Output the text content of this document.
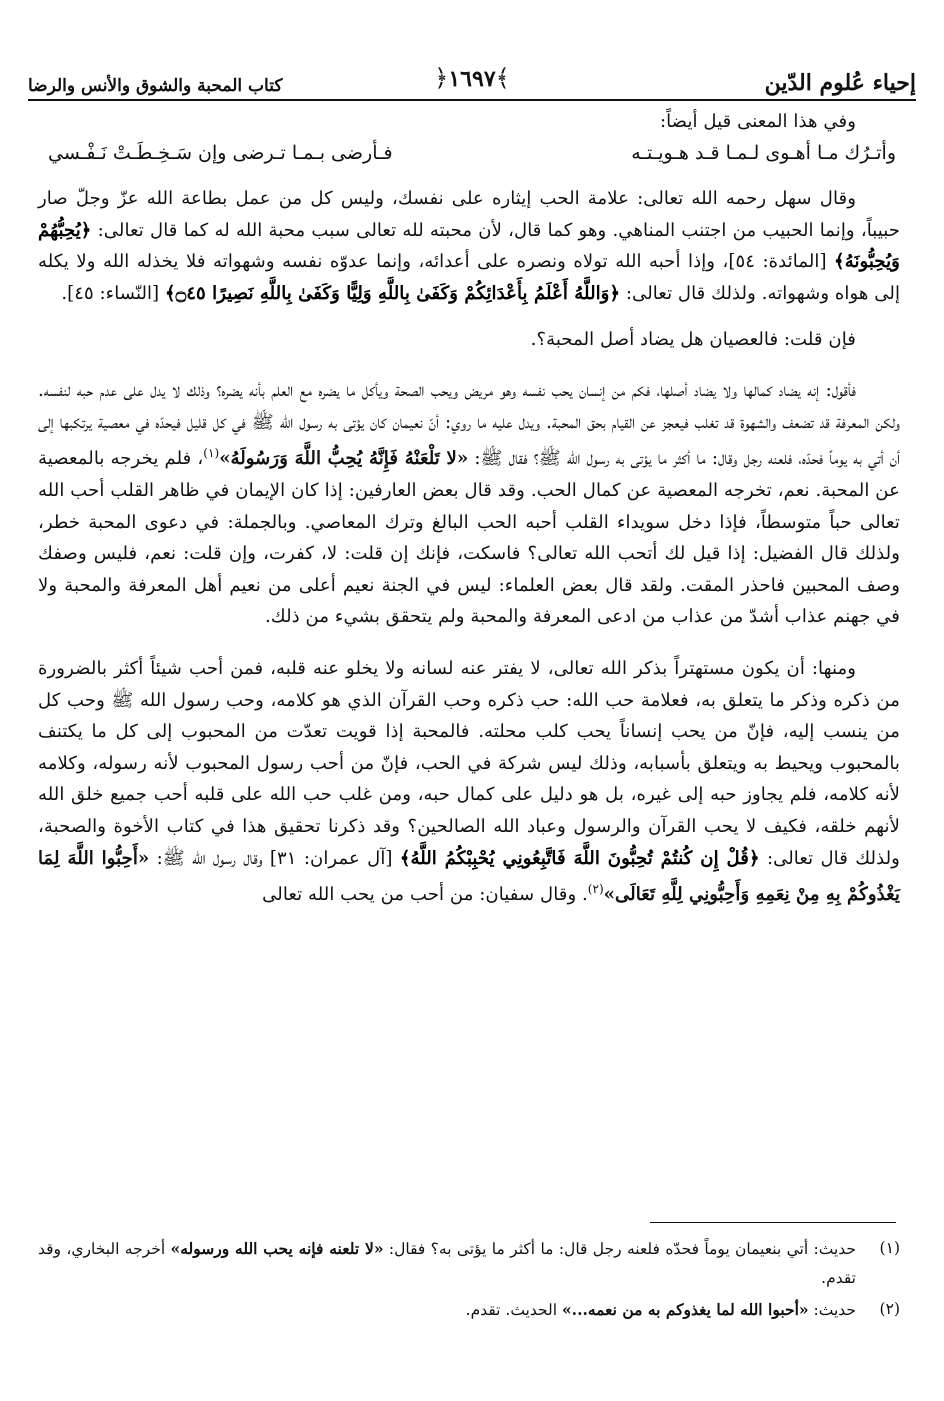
إحياء عُلوم الدّين
﴾١٦٩٧﴿
كتاب المحبة والشوق والأنس والرضا

وفي هذا المعنى قيل أيضاً:

وأتـرُك مـا أهـوى لـمـا قـد هـويـتـه
فـأرضى بـمـا تـرضى وإن سَـخِـطَـتْ نَـفْـسي

وقال سهل رحمه الله تعالى: علامة الحب إيثاره على نفسك، وليس كل من عمل بطاعة الله عزّ وجلّ صار حبيباً، وإنما الحبيب من اجتنب المناهي. وهو كما قال، لأن محبته لله تعالى سبب محبة الله له كما قال تعالى: ﴿يُحِبُّهُمْ وَيُحِبُّونَهُ﴾ [المائدة: ٥٤]، وإذا أحبه الله تولاه ونصره على أعدائه، وإنما عدوّه نفسه وشهواته فلا يخذله الله ولا يكله إلى هواه وشهواته. ولذلك قال تعالى: ﴿وَاللَّهُ أَعْلَمُ بِأَعْدَائِكُمْ وَكَفَىٰ بِاللَّهِ وَلِيًّا وَكَفَىٰ بِاللَّهِ نَصِيرًا ۝٤٥﴾ [النّساء: ٤٥].

فإن قلت: فالعصيان هل يضاد أصل المحبة؟.

فأقول: إنه يضاد كمالها ولا يضاد أصلها، فكم من إنسان يحب نفسه وهو مريض ويحب الصحة ويأكل ما يضره مع العلم بأنه يضره؟ وذلك لا يدل على عدم حبه لنفسه. ولكن المعرفة قد تضعف والشهوة قد تغلب فيعجز عن القيام بحق المحبة. ويدل عليه ما روي: أنّ نعيمان كان يؤتى به رسول الله ﷺ في كل قليل فيحدّه في معصية يرتكبها إلى أن أتي به يوماً فحدّه، فلعنه رجل وقال: ما أكثر ما يؤتى به رسول الله ﷺ؟ فقال ﷺ: «لا تَلْعَنْهُ فَإِنَّهُ يُحِبُّ اللَّهَ وَرَسُولَهُ»$^{(١)}$، فلم يخرجه بالمعصية عن المحبة. نعم، تخرجه المعصية عن كمال الحب. وقد قال بعض العارفين: إذا كان الإيمان في ظاهر القلب أحب الله تعالى حباً متوسطاً، فإذا دخل سويداء القلب أحبه الحب البالغ وترك المعاصي. وبالجملة: في دعوى المحبة خطر، ولذلك قال الفضيل: إذا قيل لك أتحب الله تعالى؟ فاسكت، فإنك إن قلت: لا، كفرت، وإن قلت: نعم، فليس وصفك وصف المحبين فاحذر المقت. ولقد قال بعض العلماء: ليس في الجنة نعيم أعلى من نعيم أهل المعرفة والمحبة ولا في جهنم عذاب أشدّ من عذاب من ادعى المعرفة والمحبة ولم يتحقق بشيء من ذلك.

ومنها: أن يكون مستهتراً بذكر الله تعالى، لا يفتر عنه لسانه ولا يخلو عنه قلبه، فمن أحب شيئاً أكثر بالضرورة من ذكره وذكر ما يتعلق به، فعلامة حب الله: حب ذكره وحب القرآن الذي هو كلامه، وحب رسول الله ﷺ وحب كل من ينسب إليه، فإنّ من يحب إنساناً يحب كلب محلته. فالمحبة إذا قويت تعدّت من المحبوب إلى كل ما يكتنف بالمحبوب ويحيط به ويتعلق بأسبابه، وذلك ليس شركة في الحب، فإنّ من أحب رسول المحبوب لأنه رسوله، وكلامه لأنه كلامه، فلم يجاوز حبه إلى غيره، بل هو دليل على كمال حبه، ومن غلب حب الله على قلبه أحب جميع خلق الله لأنهم خلقه، فكيف لا يحب القرآن والرسول وعباد الله الصالحين؟ وقد ذكرنا تحقيق هذا في كتاب الأخوة والصحبة، ولذلك قال تعالى: ﴿قُلْ إِن كُنتُمْ تُحِبُّونَ اللَّهَ فَاتَّبِعُونِي يُحْبِبْكُمُ اللَّهُ﴾ [آل عمران: ٣١] وقال رسول الله ﷺ: «أَحِبُّوا اللَّهَ لِمَا يَغْذُوكُمْ بِهِ مِنْ نِعَمِهِ وَأَحِبُّونِي لِلَّهِ تَعَالَى»$^{(٢)}$. وقال سفيان: من أحب من يحب الله تعالى

(١)
حديث: أتي بنعيمان يوماً فحدّه فلعنه رجل قال: ما أكثر ما يؤتى به؟ فقال: «لا تلعنه فإنه يحب الله ورسوله» أخرجه البخاري، وقد تقدم.
(٢)
حديث: «أحبوا الله لما يغذوكم به من نعمه...» الحديث. تقدم.
